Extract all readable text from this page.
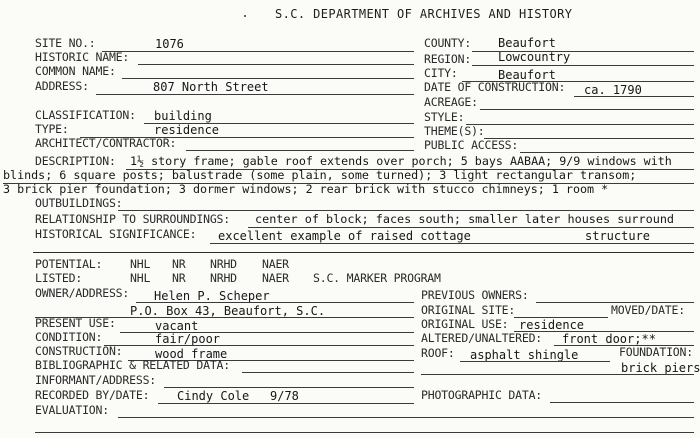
S.C. DEPARTMENT OF ARCHIVES AND HISTORY
SITE NO.:	1076
HISTORIC NAME:
COMMON NAME:
ADDRESS:	807 North Street
CLASSIFICATION: building
TYPE:	residence
ARCHITECT/CONTRACTOR:
COUNTY: Beaufort
REGION: Lowcountry
CITY:	Beaufort
DATE OF CONSTRUCTION: ca. 1790
ACREAGE:
STYLE:
THEME(S):
PUBLIC ACCESS:
DESCRIPTION: 1½ story frame; gable roof extends over porch; 5 bays AABAA; 9/9 windows with
blinds; 6 square posts; balustrade (some plain, some turned); 3 light rectangular transom;
3 brick pier foundation; 3 dormer windows; 2 rear brick with stucco chimneys; 1 room *
OUTBUILDINGS:
RELATIONSHIP TO SURROUNDINGS: center of block; faces south; smaller later houses surround
HISTORICAL SIGNIFICANCE: excellent example of raised cottage	structure
POTENTIAL: NHL NR NRHD NAER
LISTED:	NHL NR NRHD NAER S.C. MARKER PROGRAM
OWNER/ADDRESS: Helen P. Scheper
P.O. Box 43, Beaufort, S.C.
PRESENT USE:	vacant
CONDITION:	fair/poor
CONSTRUCTION:	wood frame
BIBLIOGRAPHIC & RELATED DATA:
INFORMANT/ADDRESS:
RECORDED BY/DATE: Cindy Cole 9/78
EVALUATION:
PREVIOUS OWNERS:
ORIGINAL SITE:	MOVED/DATE:
ORIGINAL USE: residence
ALTERED/UNALTERED: front door;**
ROOF: asphalt shingle	FOUNDATION:
brick piers
PHOTOGRAPHIC DATA:
